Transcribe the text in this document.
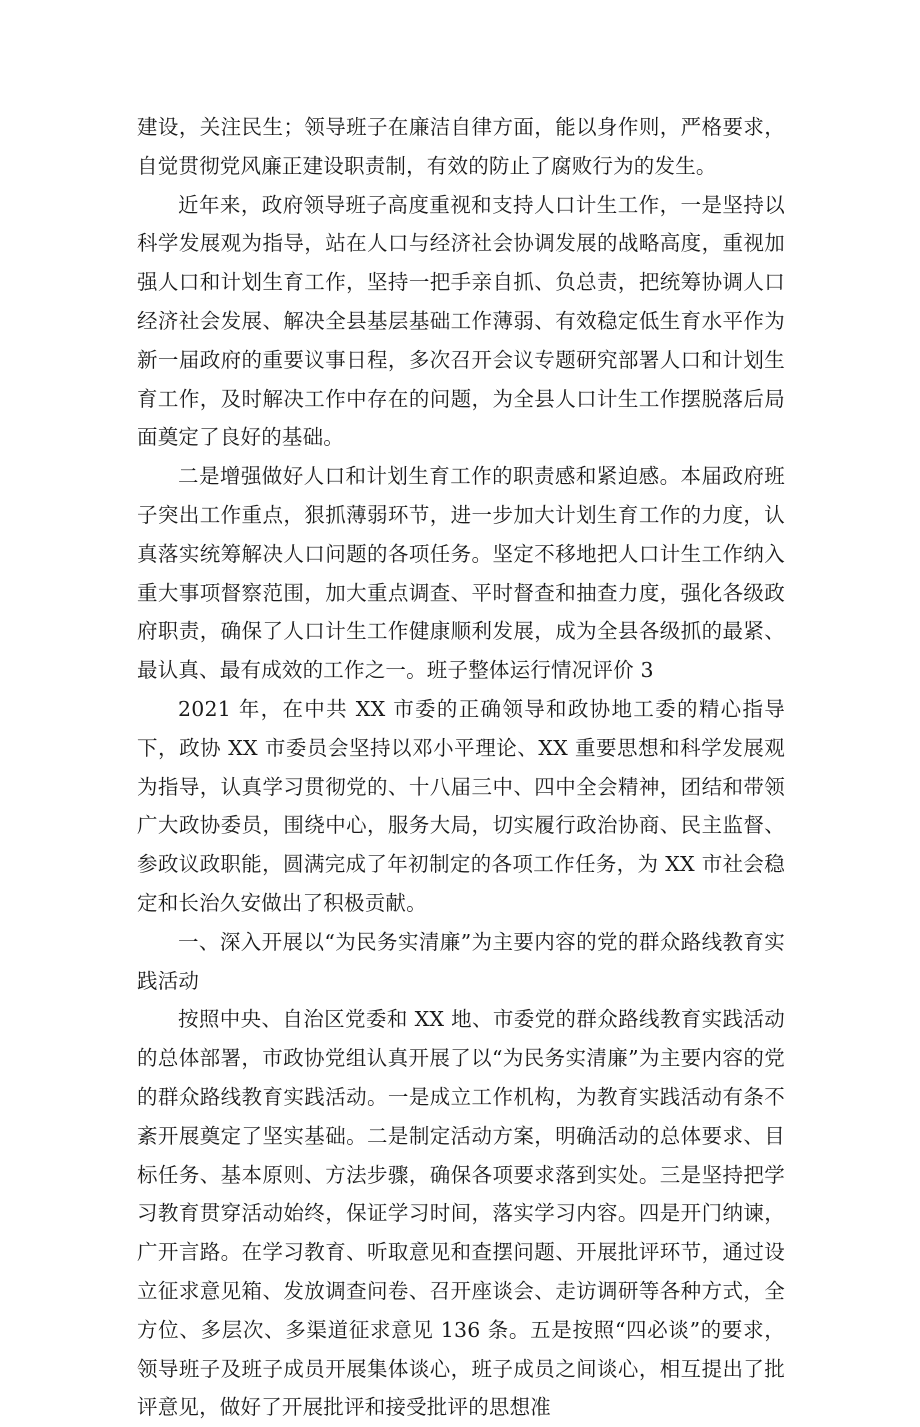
建设，关注民生；领导班子在廉洁自律方面，能以身作则，严格要求，自觉贯彻党风廉正建设职责制，有效的防止了腐败行为的发生。

近年来，政府领导班子高度重视和支持人口计生工作，一是坚持以科学发展观为指导，站在人口与经济社会协调发展的战略高度，重视加强人口和计划生育工作，坚持一把手亲自抓、负总责，把统筹协调人口经济社会发展、解决全县基层基础工作薄弱、有效稳定低生育水平作为新一届政府的重要议事日程，多次召开会议专题研究部署人口和计划生育工作，及时解决工作中存在的问题，为全县人口计生工作摆脱落后局面奠定了良好的基础。

二是增强做好人口和计划生育工作的职责感和紧迫感。本届政府班子突出工作重点，狠抓薄弱环节，进一步加大计划生育工作的力度，认真落实统筹解决人口问题的各项任务。坚定不移地把人口计生工作纳入重大事项督察范围，加大重点调查、平时督查和抽查力度，强化各级政府职责，确保了人口计生工作健康顺利发展，成为全县各级抓的最紧、最认真、最有成效的工作之一。班子整体运行情况评价 3

2021 年，在中共 XX 市委的正确领导和政协地工委的精心指导下，政协 XX 市委员会坚持以邓小平理论、XX 重要思想和科学发展观为指导，认真学习贯彻党的、十八届三中、四中全会精神，团结和带领广大政协委员，围绕中心，服务大局，切实履行政治协商、民主监督、参政议政职能，圆满完成了年初制定的各项工作任务，为 XX 市社会稳定和长治久安做出了积极贡献。

一、深入开展以“为民务实清廉”为主要内容的党的群众路线教育实践活动

按照中央、自治区党委和 XX 地、市委党的群众路线教育实践活动的总体部署，市政协党组认真开展了以“为民务实清廉”为主要内容的党的群众路线教育实践活动。一是成立工作机构，为教育实践活动有条不紊开展奠定了坚实基础。二是制定活动方案，明确活动的总体要求、目标任务、基本原则、方法步骤，确保各项要求落到实处。三是坚持把学习教育贯穿活动始终，保证学习时间，落实学习内容。四是开门纳谏，广开言路。在学习教育、听取意见和查摆问题、开展批评环节，通过设立征求意见箱、发放调查问卷、召开座谈会、走访调研等各种方式，全方位、多层次、多渠道征求意见 136 条。五是按照“四必谈”的要求，领导班子及班子成员开展集体谈心，班子成员之间谈心，相互提出了批评意见，做好了开展批评和接受批评的思想准
